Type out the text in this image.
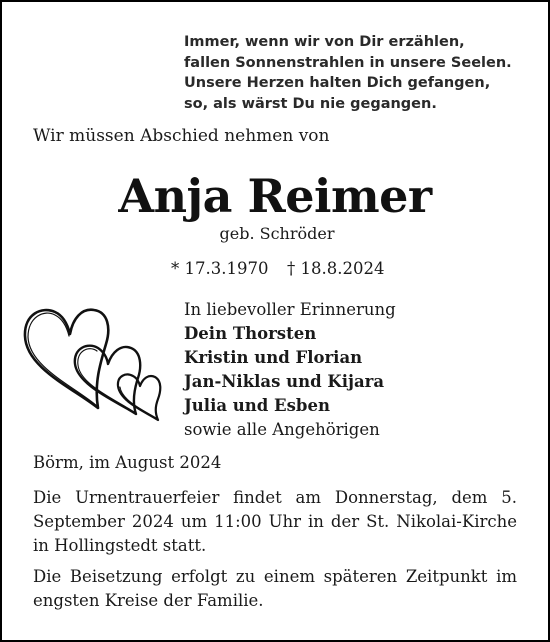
Immer, wenn wir von Dir erzählen,
fallen Sonnenstrahlen in unsere Seelen.
Unsere Herzen halten Dich gefangen,
so, als wärst Du nie gegangen.
Wir müssen Abschied nehmen von
Anja Reimer
geb. Schröder
* 17.3.1970 † 18.8.2024
In liebevoller Erinnerung
Dein Thorsten
Kristin und Florian
Jan-Niklas und Kijara
Julia und Esben
sowie alle Angehörigen
Börm, im August 2024
Die Urnentrauerfeier findet am Donnerstag, dem 5. September 2024 um 11:00 Uhr in der St. Nikolai-Kirche in Hollingstedt statt.
Die Beisetzung erfolgt zu einem späteren Zeitpunkt im engsten Kreise der Familie.
